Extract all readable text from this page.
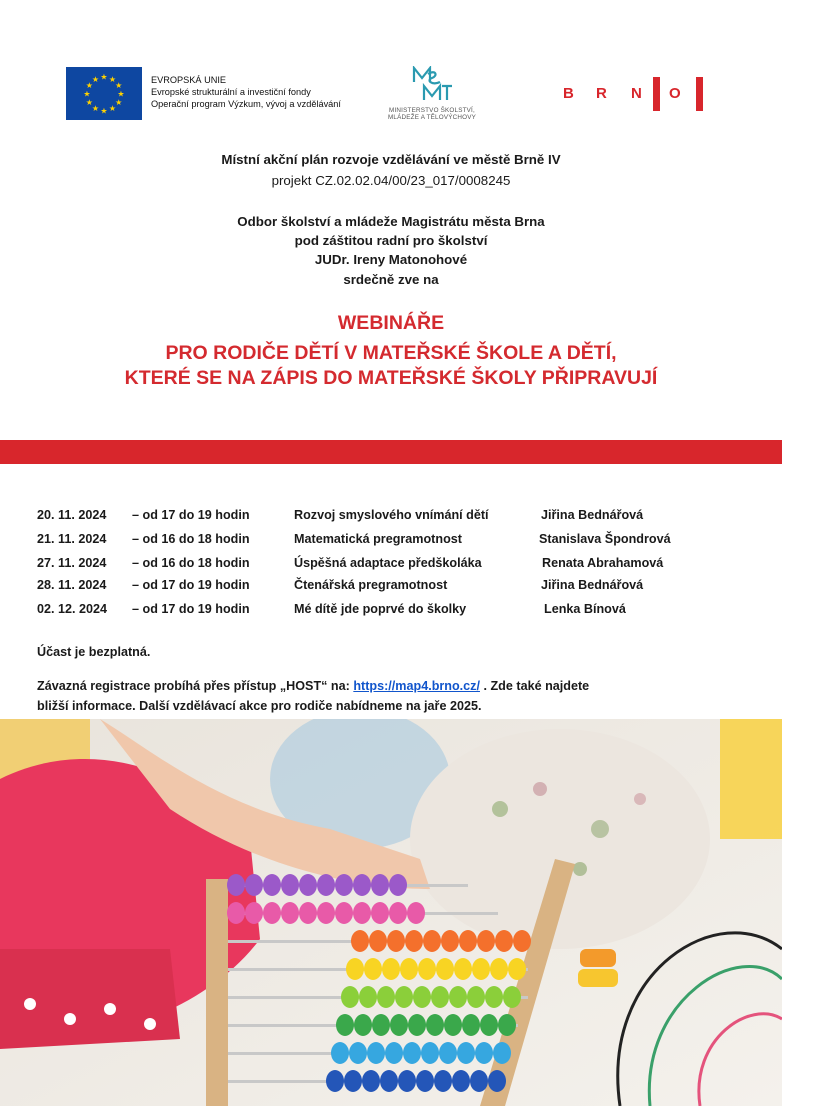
★ ★
★
★
★
★
★
★
★
★
★
★	EVROPSKÁ UNIE
Evropské strukturální a investiční fondy
Operační program Výzkum, vývoj a vzdělávání
MINISTERSTVO ŠKOLSTVÍ,
MLÁDEŽE A TĚLOVÝCHOVY
B R N O
Místní akční plán rozvoje vzdělávání ve městě Brně IV
projekt CZ.02.02.04/00/23_017/0008245
Odbor školství a mládeže Magistrátu města Brna
pod záštitou radní pro školství
JUDr. Ireny Matonohové
srdečně zve na
WEBINÁŘE
PRO RODIČE DĚTÍ V MATEŘSKÉ ŠKOLE A DĚTÍ,
KTERÉ SE NA ZÁPIS DO MATEŘSKÉ ŠKOLY PŘIPRAVUJÍ
20. 11. 2024 – od 17 do 19 hodin	Rozvoj smyslového vnímání dětí	Jiřina Bednářová
21. 11. 2024 – od 16 do 18 hodin	Matematická pregramotnost	Stanislava Špondrová
27. 11. 2024 – od 16 do 18 hodin	Úspěšná adaptace předškoláka	Renata Abrahamová
28. 11. 2024 – od 17 do 19 hodin	Čtenářská pregramotnost	Jiřina Bednářová
02. 12. 2024 – od 17 do 19 hodin	Mé dítě jde poprvé do školky	Lenka Bínová
Účast je bezplatná.
Závazná registrace probíhá přes přístup „HOST“ na: https://map4.brno.cz/ . Zde také najdete
bližší informace. Další vzdělávací akce pro rodiče nabídneme na jaře 2025.
